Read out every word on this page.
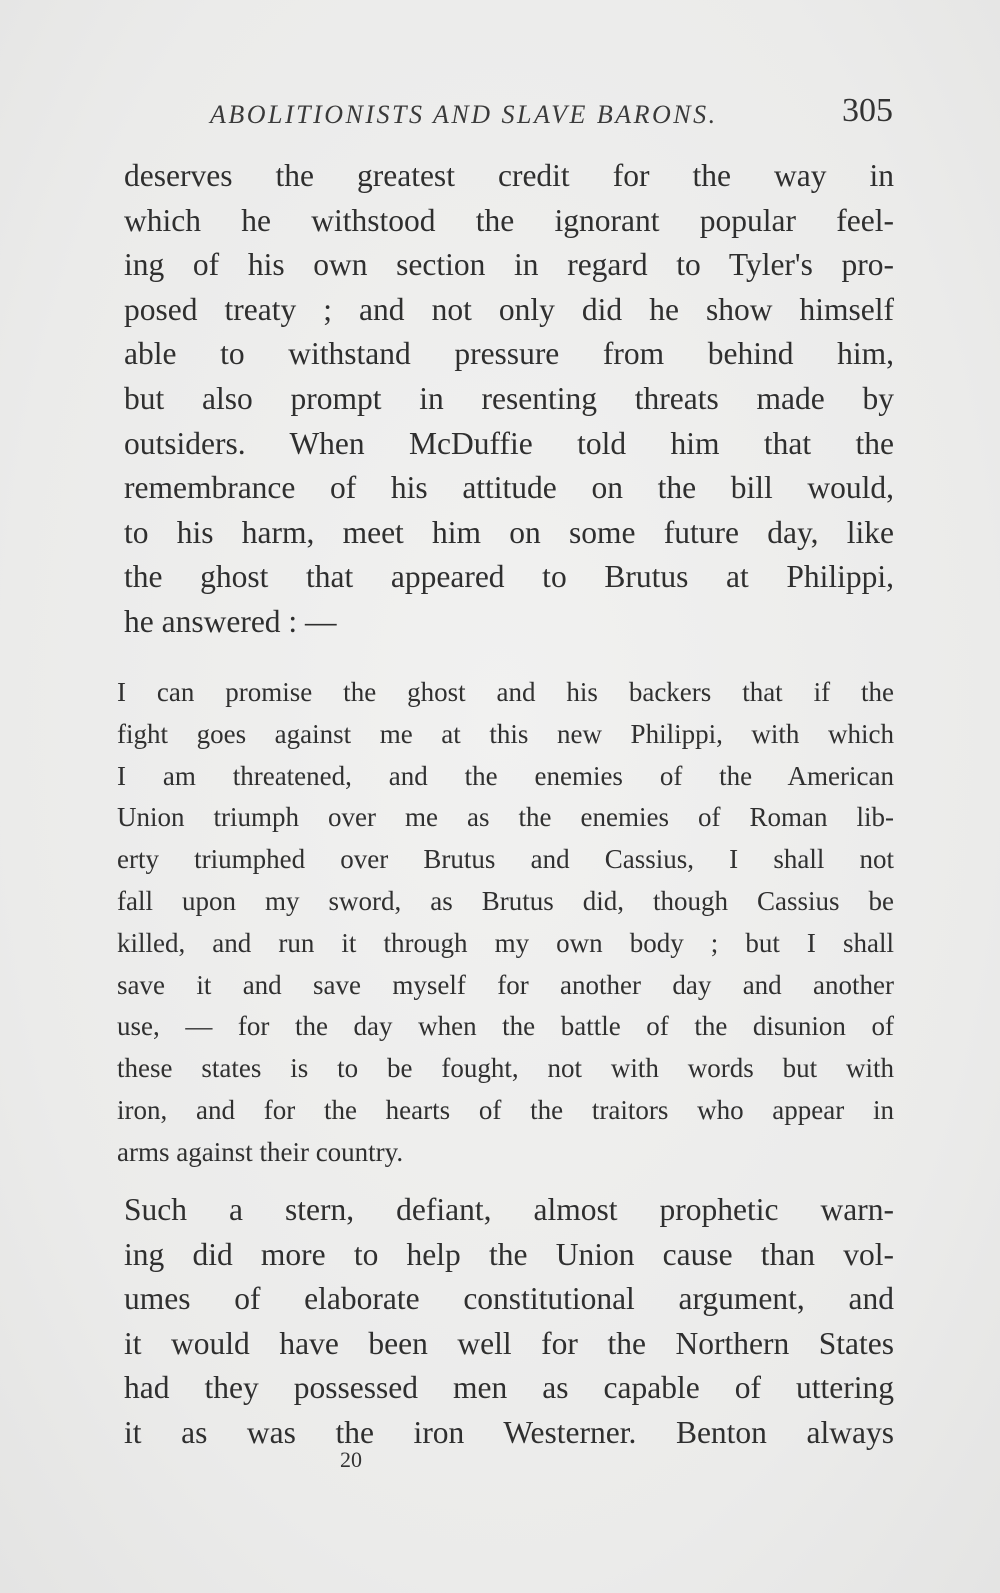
ABOLITIONISTS AND SLAVE BARONS.	305
deserves the greatest credit for the way in
which he withstood the ignorant popular feel-
ing of his own section in regard to Tyler's pro-
posed treaty ; and not only did he show himself
able to withstand pressure from behind him,
but also prompt in resenting threats made by
outsiders. When McDuffie told him that the
remembrance of his attitude on the bill would,
to his harm, meet him on some future day, like
the ghost that appeared to Brutus at Philippi,
he answered : —
I can promise the ghost and his backers that if the
fight goes against me at this new Philippi, with which
I am threatened, and the enemies of the American
Union triumph over me as the enemies of Roman lib-
erty triumphed over Brutus and Cassius, I shall not
fall upon my sword, as Brutus did, though Cassius be
killed, and run it through my own body ; but I shall
save it and save myself for another day and another
use, — for the day when the battle of the disunion of
these states is to be fought, not with words but with
iron, and for the hearts of the traitors who appear in
arms against their country.
Such a stern, defiant, almost prophetic warn-
ing did more to help the Union cause than vol-
umes of elaborate constitutional argument, and
it would have been well for the Northern States
had they possessed men as capable of uttering
it as was the iron Westerner. Benton always
20
